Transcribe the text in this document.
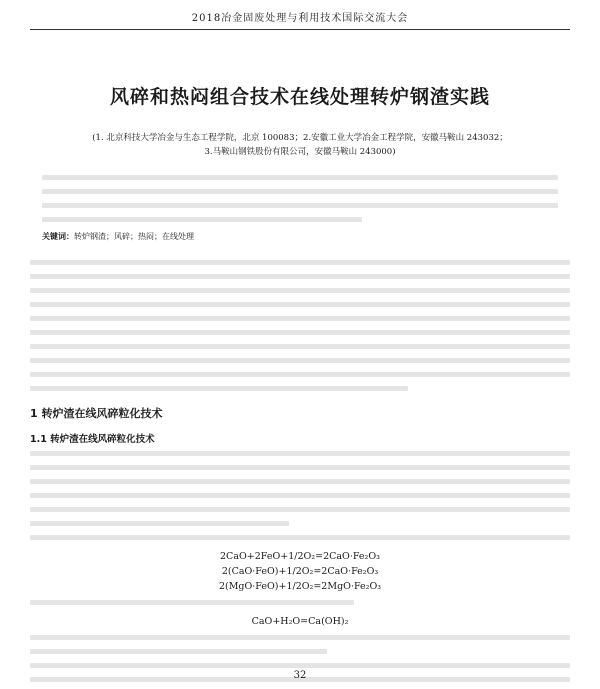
2018冶金固废处理与利用技术国际交流大会
风碎和热闷组合技术在线处理转炉钢渣实践
(1. 北京科技大学冶金与生态工程学院，北京 100083；2.安徽工业大学冶金工程学院，安徽马鞍山 243032；
3.马鞍山钢铁股份有限公司，安徽马鞍山 243000)
关键词：转炉钢渣；风碎；热闷；在线处理
1 转炉渣在线风碎粒化技术
1.1 转炉渣在线风碎粒化技术
2CaO+2FeO+1/2O₂=2CaO·Fe₂O₃
2(CaO·FeO)+1/2O₂=2CaO·Fe₂O₃
2(MgO·FeO)+1/2O₂=2MgO·Fe₂O₃
CaO+H₂O=Ca(OH)₂
32
